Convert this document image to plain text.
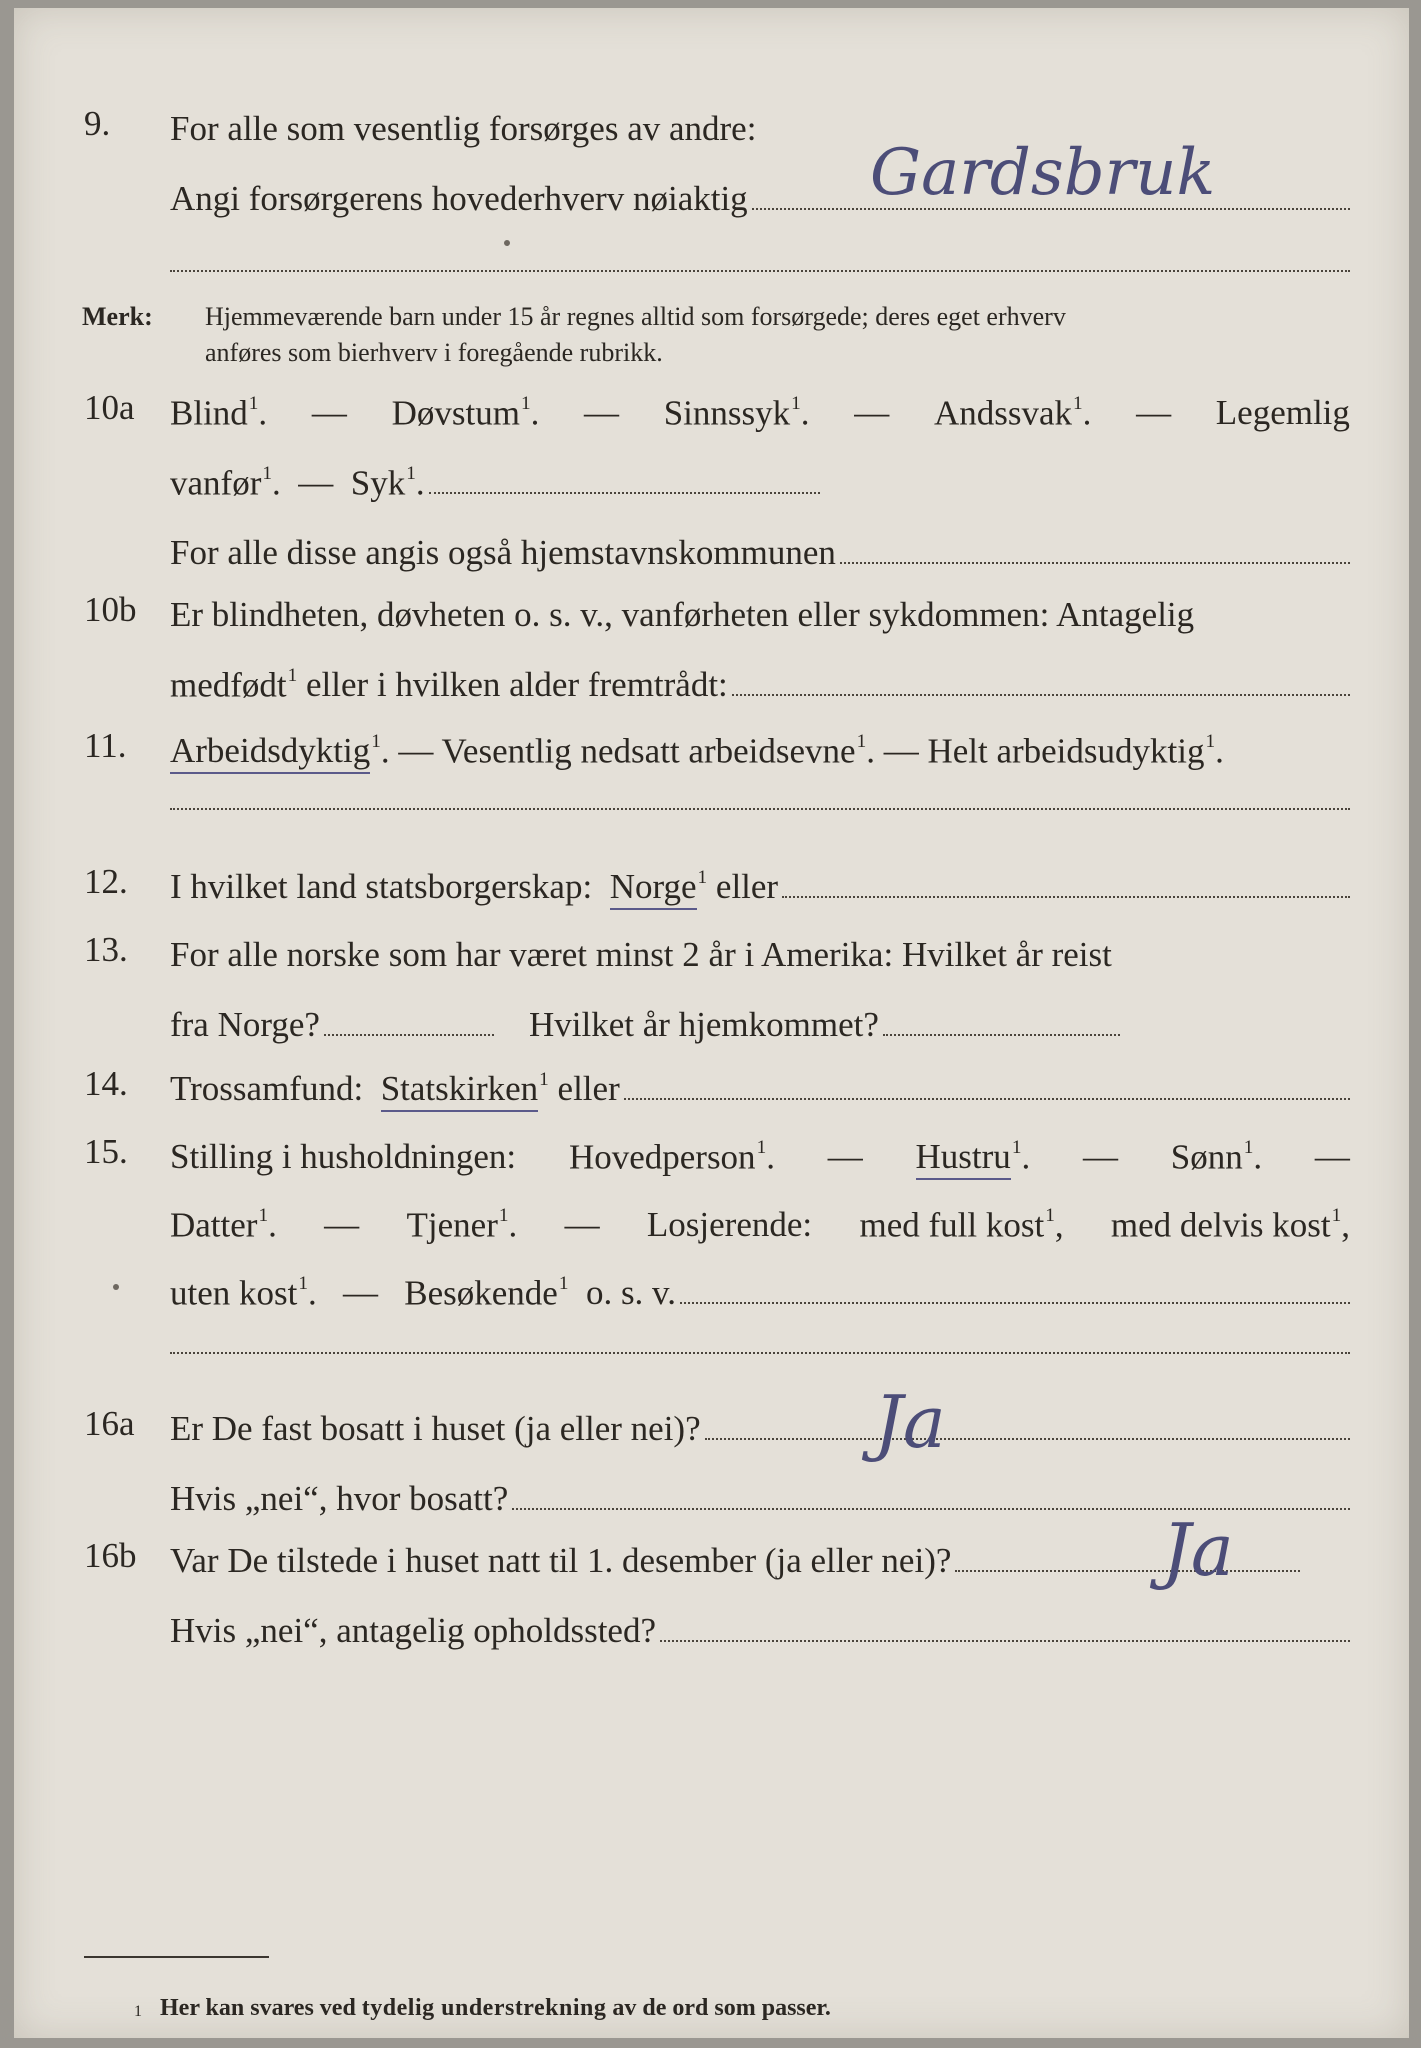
9. For alle som vesentlig forsørges av andre:
Angi forsørgerens hovederhverv nøiaktig Gardsbruk
Merk:	Hjemmeværende barn under 15 år regnes alltid som forsørgede; deres eget erhverv
anføres som bierhverv i foregående rubrikk.
10a Blind$^1$. — Døvstum$^1$. — Sinnssyk$^1$. — Andssvak$^1$. — Legemlig
vanfør$^1$. — Syk$^1$.
For alle disse angis også hjemstavnskommunen
10b Er blindheten, døvheten o. s. v., vanførheten eller sykdommen: Antagelig
medfødt$^1$ eller i hvilken alder fremtrådt:
11. Arbeidsdyktig$^1$. — Vesentlig nedsatt arbeidsevne$^1$. — Helt arbeidsudyktig$^1$.
12. I hvilket land statsborgerskap:
Norge$^1$ eller
13. For alle norske som har været minst 2 år i Amerika: Hvilket år reist
fra Norge?
	Hvilket år hjemkommet?
14. Trossamfund:
Statskirken$^1$ eller
15. Stilling i husholdningen: Hovedperson$^1$. — Hustru$^1$. — Sønn$^1$. —
Datter$^1$. — Tjener$^1$. — Losjerende: med full kost$^1$, med delvis kost$^1$,
uten kost$^1$. — Besøkende$^1$ o. s. v.
16a Er De fast bosatt i huset (ja eller nei)? Ja
Hvis „nei“, hvor bosatt?
16b Var De tilstede i huset natt til 1. desember (ja eller nei)?	Ja
Hvis „nei“, antagelig opholdssted?
1
Her kan svares ved
tydelig understrekning
av de ord som passer.
